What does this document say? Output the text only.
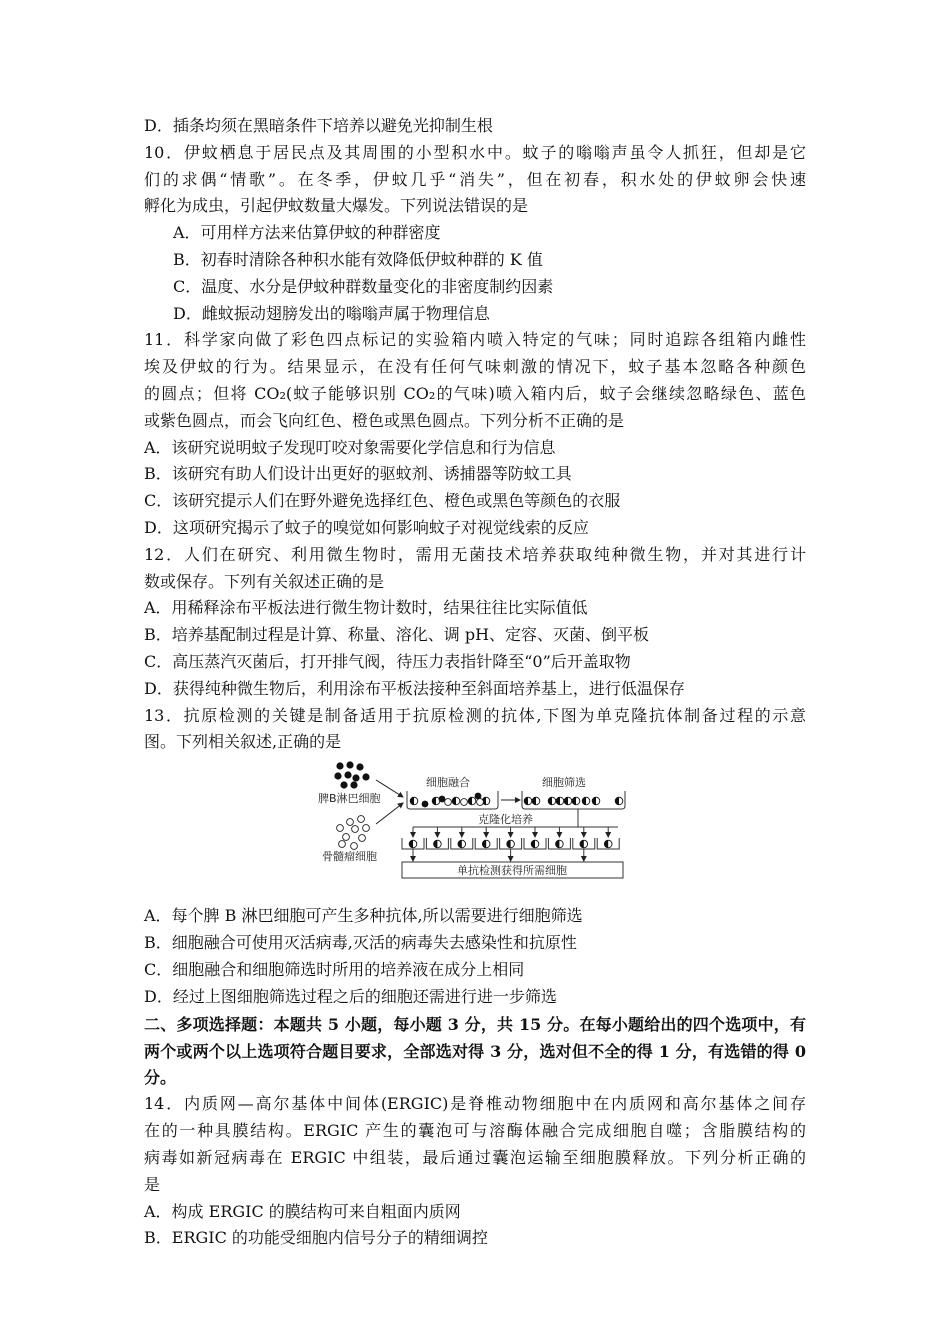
D．插条均须在黑暗条件下培养以避免光抑制生根
10．伊蚊栖息于居民点及其周围的小型积水中。蚊子的嗡嗡声虽令人抓狂，但却是它
们的求偶“情歌”。在冬季，伊蚊几乎“消失”，但在初春，积水处的伊蚊卵会快速
孵化为成虫，引起伊蚊数量大爆发。下列说法错误的是
A．可用样方法来估算伊蚊的种群密度
B．初春时清除各种积水能有效降低伊蚊种群的 K 值
C．温度、水分是伊蚊种群数量变化的非密度制约因素
D．雌蚊振动翅膀发出的嗡嗡声属于物理信息
11．科学家向做了彩色四点标记的实验箱内喷入特定的气味；同时追踪各组箱内雌性
埃及伊蚊的行为。结果显示，在没有任何气味刺激的情况下，蚊子基本忽略各种颜色
的圆点；但将 CO₂(蚊子能够识别 CO₂的气味)喷入箱内后，蚊子会继续忽略绿色、蓝色
或紫色圆点，而会飞向红色、橙色或黑色圆点。下列分析不正确的是
A．该研究说明蚊子发现叮咬对象需要化学信息和行为信息
B．该研究有助人们设计出更好的驱蚊剂、诱捕器等防蚊工具
C．该研究提示人们在野外避免选择红色、橙色或黑色等颜色的衣服
D．这项研究揭示了蚊子的嗅觉如何影响蚊子对视觉线索的反应
12．人们在研究、利用微生物时，需用无菌技术培养获取纯种微生物，并对其进行计
数或保存。下列有关叙述正确的是
A．用稀释涂布平板法进行微生物计数时，结果往往比实际值低
B．培养基配制过程是计算、称量、溶化、调 pH、定容、灭菌、倒平板
C．高压蒸汽灭菌后，打开排气阀，待压力表指针降至“0”后开盖取物
D．获得纯种微生物后，利用涂布平板法接种至斜面培养基上，进行低温保存
13．抗原检测的关键是制备适用于抗原检测的抗体,下图为单克隆抗体制备过程的示意
图。下列相关叙述,正确的是
脾B淋巴细胞
骨髓瘤细胞
细胞融合	细胞筛选
克隆化培养
单抗检测获得所需细胞
A．每个脾 B 淋巴细胞可产生多种抗体,所以需要进行细胞筛选
B．细胞融合可使用灭活病毒,灭活的病毒失去感染性和抗原性
C．细胞融合和细胞筛选时所用的培养液在成分上相同
D．经过上图细胞筛选过程之后的细胞还需进行进一步筛选
二、多项选择题：本题共 5 小题，每小题 3 分，共 15 分。在每小题给出的四个选项中，有
两个或两个以上选项符合题目要求，全部选对得 3 分，选对但不全的得 1 分，有选错的得 0
分。
14．内质网—高尔基体中间体(ERGIC)是脊椎动物细胞中在内质网和高尔基体之间存
在的一种具膜结构。ERGIC 产生的囊泡可与溶酶体融合完成细胞自噬；含脂膜结构的
病毒如新冠病毒在 ERGIC 中组装，最后通过囊泡运输至细胞膜释放。下列分析正确的
是
A．构成 ERGIC 的膜结构可来自粗面内质网
B．ERGIC 的功能受细胞内信号分子的精细调控
